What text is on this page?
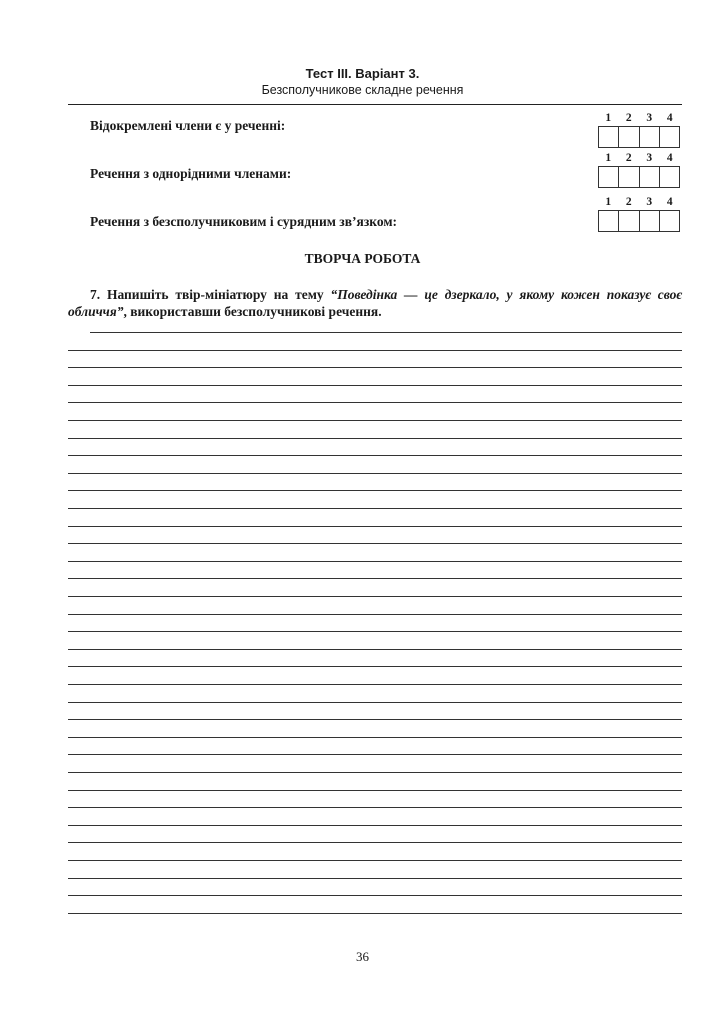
Тест III. Варіант 3.
Безсполучникове складне речення
Відокремлені члени є у реченні:	1	2	3	4
Речення з однорідними членами:
1	2	3	4
Речення з безсполучниковим і сурядним зв’язком:
1	2	3	4
ТВОРЧА РОБОТА
7. Напишіть твір-мініатюру на тему “Поведінка — це дзеркало, у якому кожен показує своє обличчя”, використавши безсполучникові речення.
36
